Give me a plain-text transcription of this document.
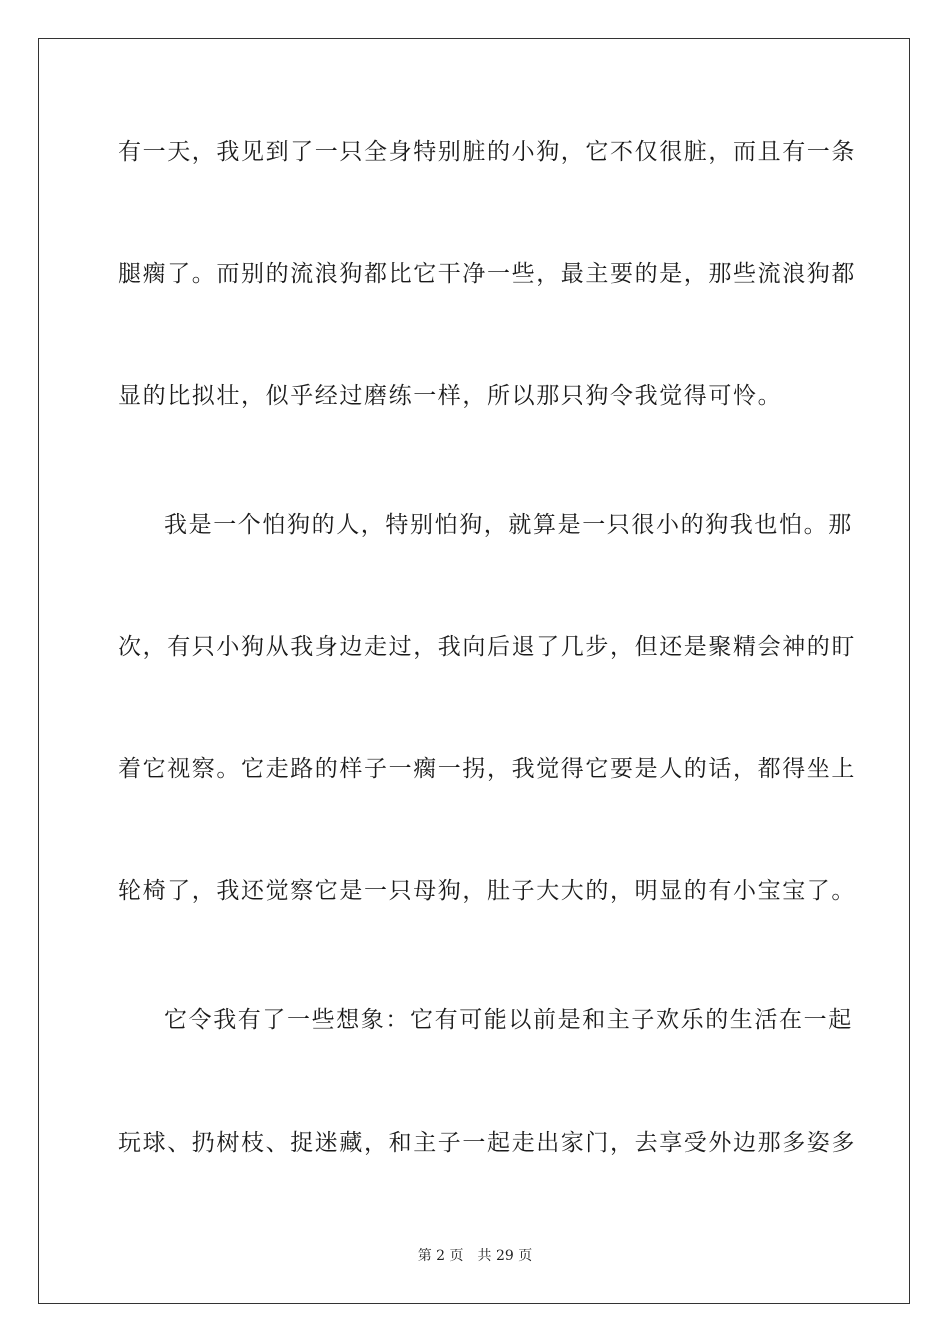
有一天，我见到了一只全身特别脏的小狗，它不仅很脏，而且有一条
腿瘸了。而别的流浪狗都比它干净一些，最主要的是，那些流浪狗都
显的比拟壮，似乎经过磨练一样，所以那只狗令我觉得可怜。
我是一个怕狗的人，特别怕狗，就算是一只很小的狗我也怕。那
次，有只小狗从我身边走过，我向后退了几步，但还是聚精会神的盯
着它视察。它走路的样子一瘸一拐，我觉得它要是人的话，都得坐上
轮椅了，我还觉察它是一只母狗，肚子大大的，明显的有小宝宝了。
它令我有了一些想象：它有可能以前是和主子欢乐的生活在一起
玩球、扔树枝、捉迷藏，和主子一起走出家门，去享受外边那多姿多
第 2 页 共 29 页
